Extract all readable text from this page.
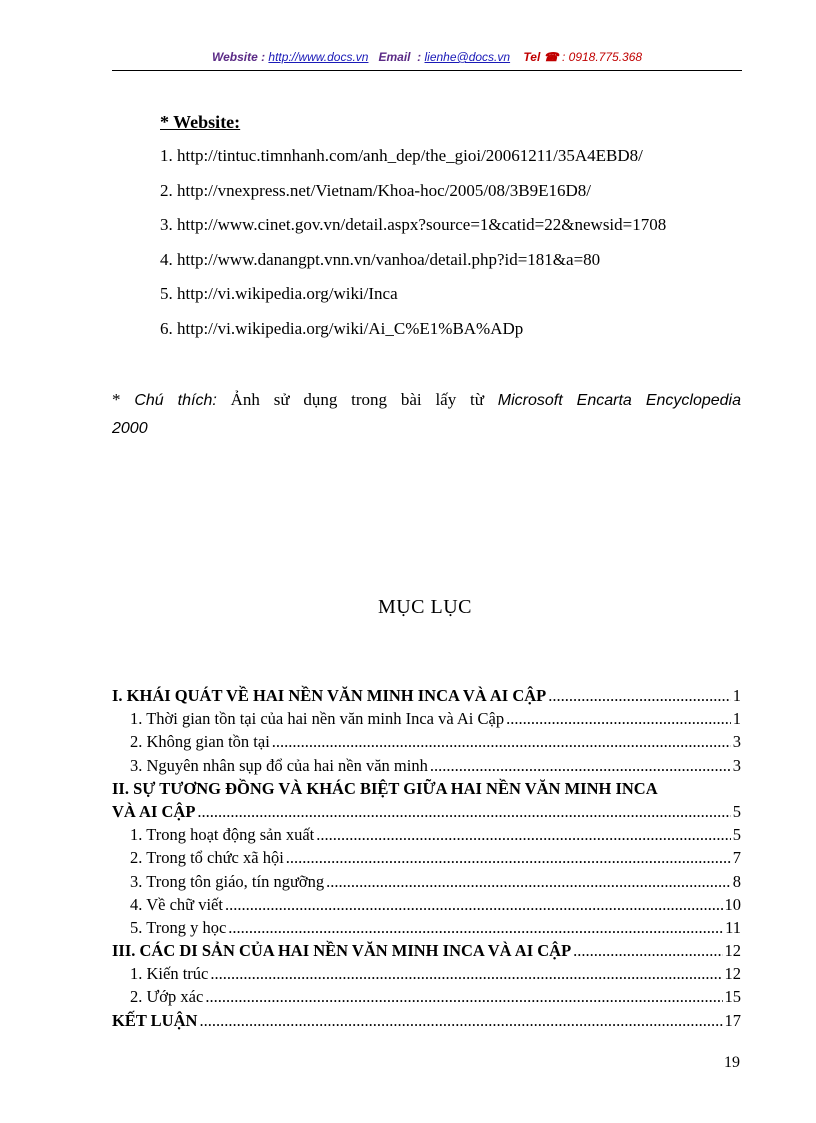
Website : http://www.docs.vn Email  : lienhe@docs.vn Tel ☎ : 0918.775.368
* Website:
1. http://tintuc.timnhanh.com/anh_dep/the_gioi/20061211/35A4EBD8/
2. http://vnexpress.net/Vietnam/Khoa-hoc/2005/08/3B9E16D8/
3. http://www.cinet.gov.vn/detail.aspx?source=1&catid=22&newsid=1708
4. http://www.danangpt.vnn.vn/vanhoa/detail.php?id=181&a=80
5. http://vi.wikipedia.org/wiki/Inca
6. http://vi.wikipedia.org/wiki/Ai_C%E1%BA%ADp
* Chú thích: Ảnh sử dụng trong bài lấy từ Microsoft Encarta Encyclopedia
2000
MỤC LỤC
I. KHÁI QUÁT VỀ HAI NỀN VĂN MINH INCA VÀ AI CẬP .....	1
1. Thời gian tồn tại của hai nền văn minh Inca và Ai Cập .....	1
2. Không gian tồn tại .....	3
3. Nguyên nhân sụp đổ của hai nền văn minh .....	3
II. SỰ TƯƠNG ĐỒNG VÀ KHÁC BIỆT GIỮA HAI NỀN VĂN MINH INCA
VÀ AI CẬP .....	5
1. Trong hoạt động sản xuất .....	5
2. Trong tổ chức xã hội .....	7
3. Trong tôn giáo, tín ngưỡng .....	8
4. Về chữ viết .....	10
5. Trong y học .....	11
III. CÁC DI SẢN CỦA HAI NỀN VĂN MINH INCA VÀ AI CẬP .....	12
1. Kiến trúc .....	12
2. Ướp xác .....	15
KẾT LUẬN .....	17
19
